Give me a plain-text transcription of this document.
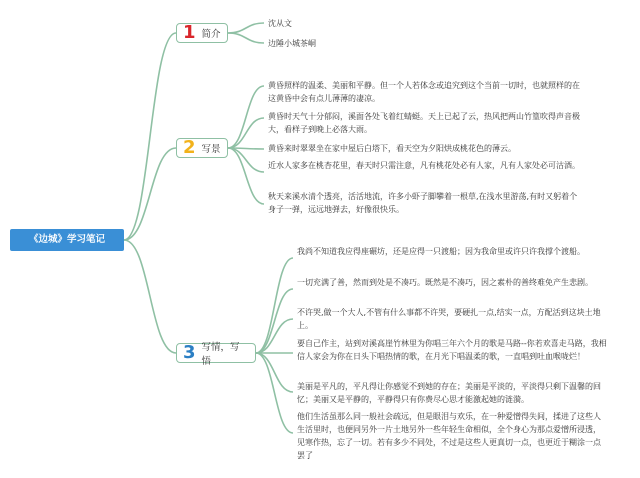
《边城》学习笔记
1 简介
2 写景
3 写情，写悟
沈从文
边陲小城茶峒
黄昏照样的温柔、美丽和平静。但一个人若体念或追究到这个当前一切时，也就照样的在这黄昏中会有点儿薄薄的凄凉。
黄昏时天气十分郁闷，溪面各处飞着红蜻蜓。天上已起了云，热风把两山竹篁吹得声音极大，看样子到晚上必落大雨。
黄昏来时翠翠坐在家中屋后白塔下，看天空为夕阳烘成桃花色的薄云。
近水人家多在桃杏花里，春天时只需注意，凡有桃花处必有人家，凡有人家处必可沽酒。
秋天来溪水清个透亮，活活地流，许多小虾子脚攀着一根草,在浅水里游荡,有时又躬着个身子一弹，远远地弹去，好像很快乐。
我尚不知道我应得座碾坊，还是应得一只渡船；因为我命里或许只许我撑个渡船。
一切充满了善，然而到处是不凑巧。既然是不凑巧，因之素朴的善终难免产生悲剧。
不许哭,做一个大人,不管有什么事都不许哭，要硬扎一点,结实一点，方配活到这块土地上。
要自己作主，站到对溪高崖竹林里为你唱三年六个月的歌是马路--你若欢喜走马路，我相信人家会为你在日头下唱热情的歌，在月光下唱温柔的歌，一直唱到吐血喉咙烂！
美丽是平凡的，平凡得让你感觉不到她的存在；美丽是平淡的，平淡得只剩下温馨的回忆；美丽又是平静的，平静得只有你费尽心思才能激起她的涟漪。
他们生活虽那么同一般社会疏远，但是眼泪与欢乐，在一种爱憎得失间，揉进了这些人生活里时，也便同另外一片土地另外一些年轻生命相似，全个身心为那点爱憎所浸透，见寒作热，忘了一切。若有多少不同处，不过是这些人更真切一点，也更近于糊涂一点罢了
